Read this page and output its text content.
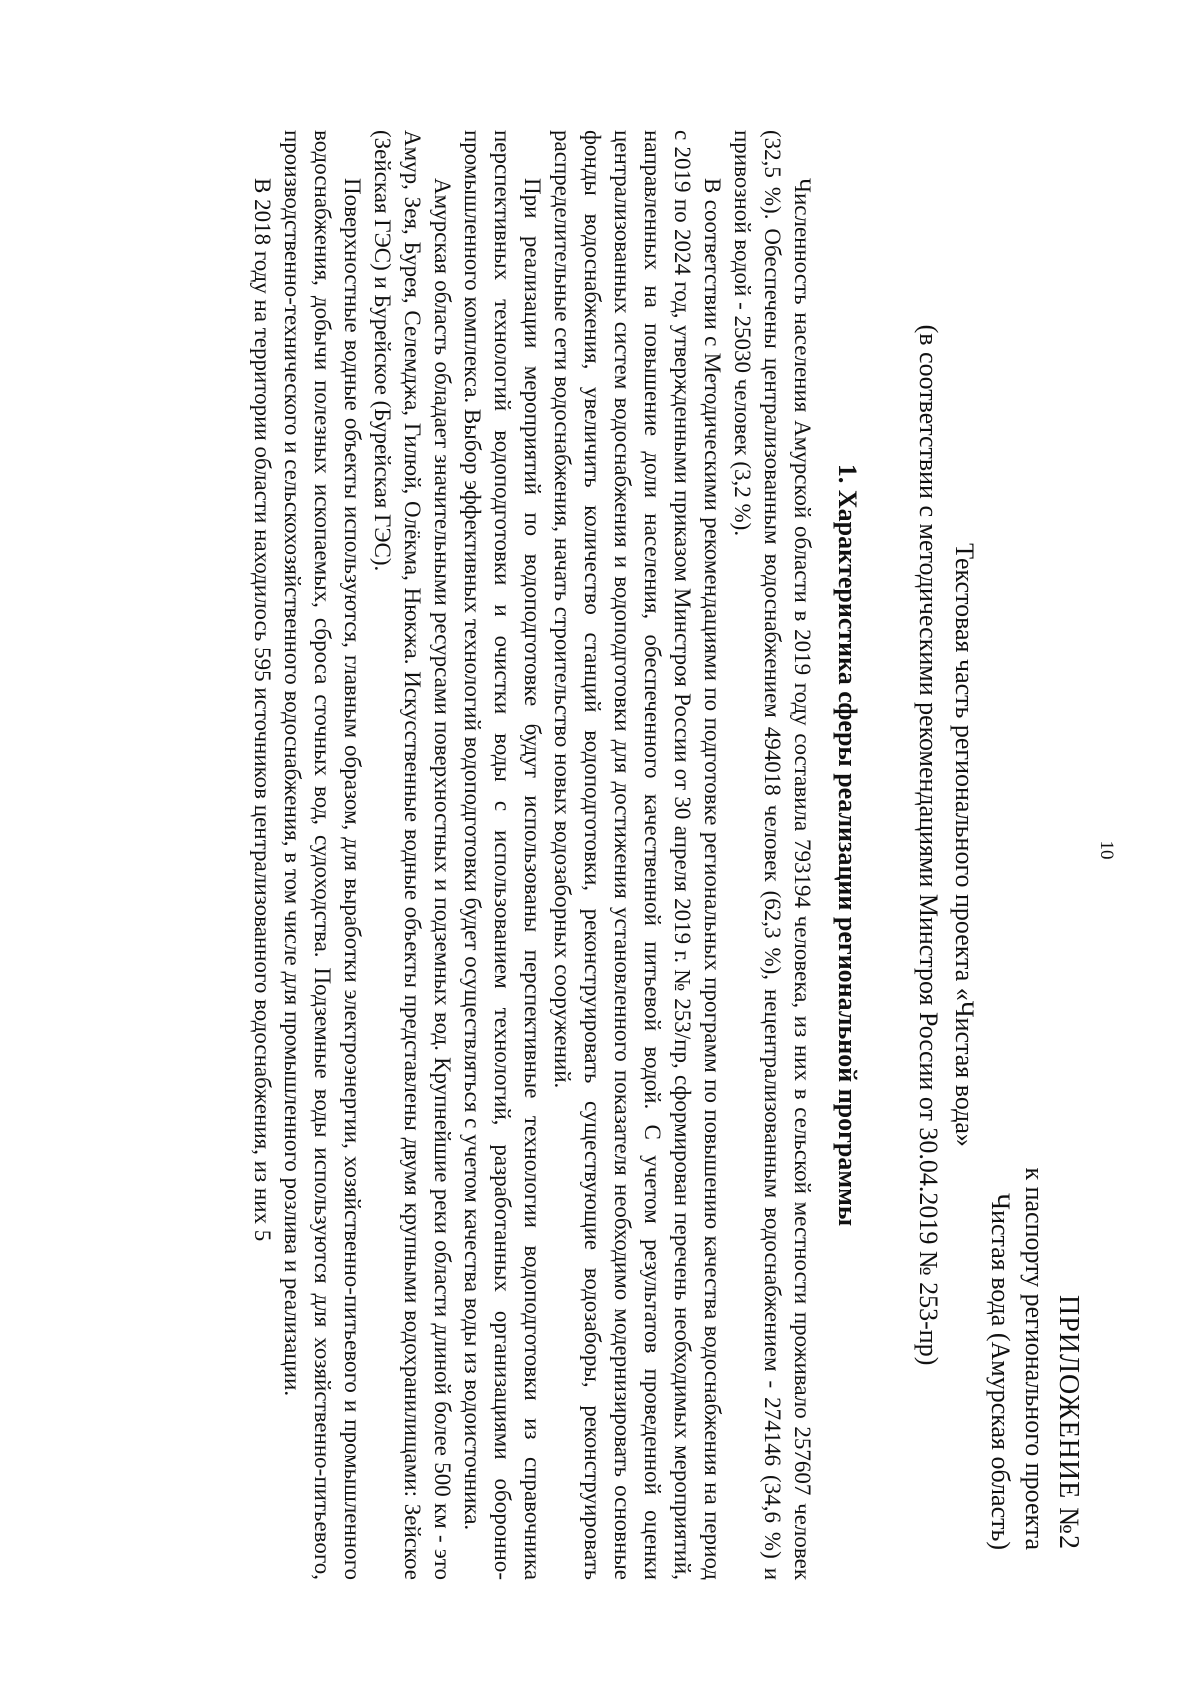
10
ПРИЛОЖЕНИЕ №2
к паспорту регионального проекта
Чистая вода (Амурская область)
Текстовая часть регионального проекта «Чистая вода»
(в соответствии с методическими рекомендациями Минстроя России от 30.04.2019 № 253-пр)
1. Характеристика сферы реализации региональной программы

Численность населения Амурской области в 2019 году составила 793194 человека, из них в сельской местности проживало 257607 человек (32,5 %). Обеспечены централизованным водоснабжением 494018 человек (62,3 %), нецентрализованным водоснабжением - 274146 (34,6 %) и привозной водой - 25030 человек (3,2 %).

В соответствии с Методическими рекомендациями по подготовке региональных программ по повышению качества водоснабжения на период с 2019 по 2024 год, утвержденными приказом Минстроя России от 30 апреля 2019 г. № 253/пр, сформирован перечень необходимых мероприятий, направленных на повышение доли населения, обеспеченного качественной питьевой водой. С учетом результатов проведенной оценки централизованных систем водоснабжения и водоподготовки для достижения установленного показателя необходимо модернизировать основные фонды водоснабжения, увеличить количество станций водоподготовки, реконструировать существующие водозаборы, реконструировать распределительные сети водоснабжения, начать строительство новых водозаборных сооружений.

При реализации мероприятий по водоподготовке будут использованы перспективные технологии водоподготовки из справочника перспективных технологий водоподготовки и очистки воды с использованием технологий, разработанных организациями оборонно-промышленного комплекса. Выбор эффективных технологий водоподготовки будет осуществляться с учетом качества воды из водоисточника.

Амурская область обладает значительными ресурсами поверхностных и подземных вод. Крупнейшие реки области длиной более 500 км - это Амур, Зея, Бурея, Селемджа, Гилюй, Олёкма, Нюкжа. Искусственные водные объекты представлены двумя крупными водохранилищами: Зейское (Зейская ГЭС) и Бурейское (Бурейская ГЭС).

Поверхностные водные объекты используются, главным образом, для выработки электроэнергии, хозяйственно-питьевого и промышленного водоснабжения, добычи полезных ископаемых, сброса сточных вод, судоходства. Подземные воды используются для хозяйственно-питьевого, производственно-технического и сельскохозяйственного водоснабжения, в том числе для промышленного розлива и реализации.

В 2018 году на территории области находилось 595 источников централизованного водоснабжения, из них 5
